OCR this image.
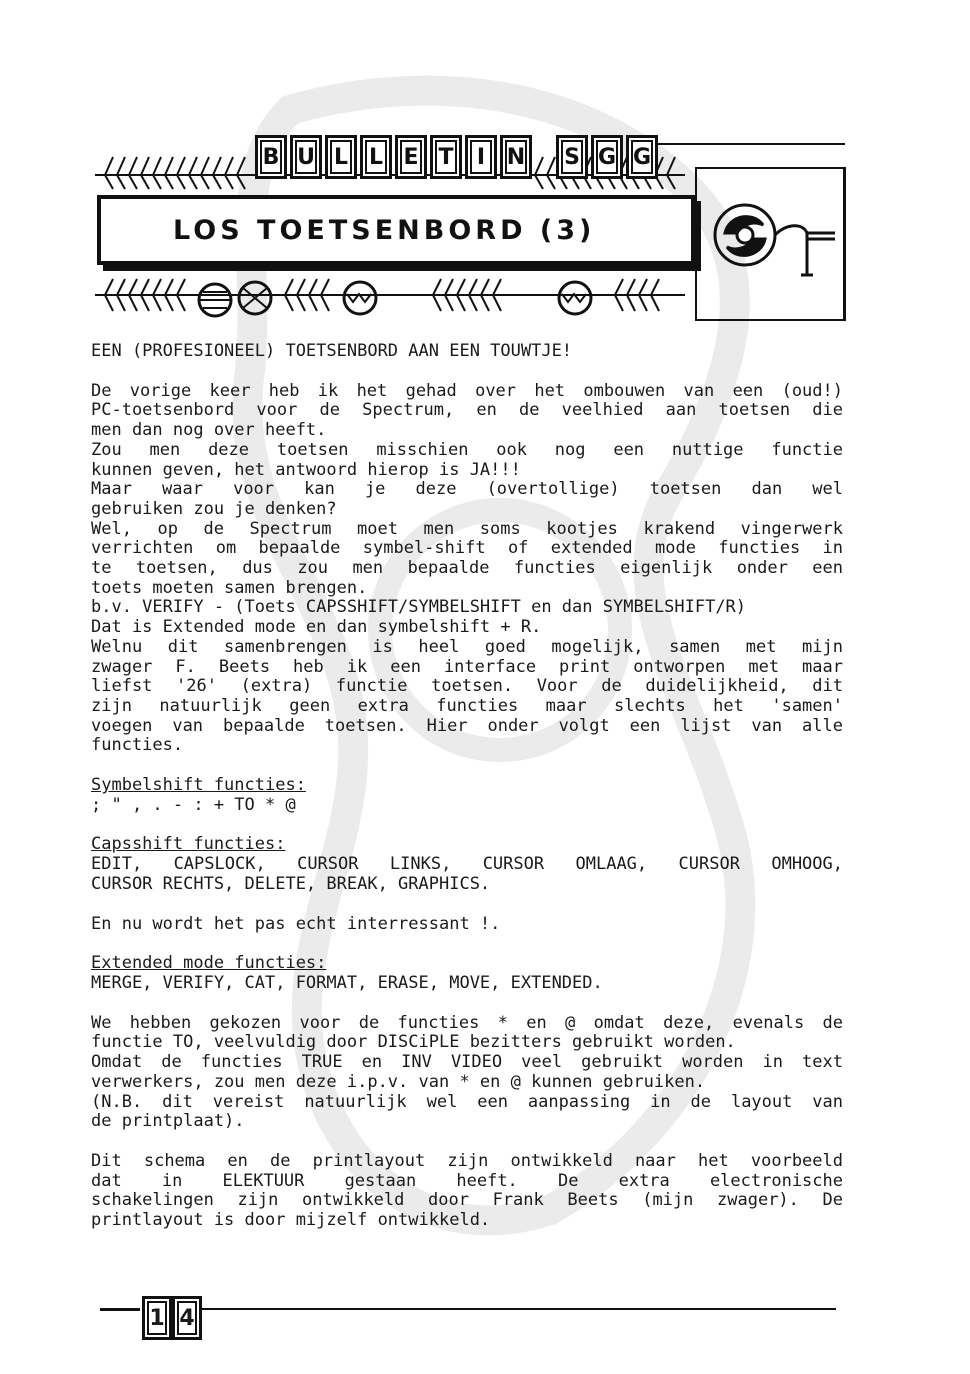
B U L L E T	I N	S G G
LOS TOETSENBORD (3)

EEN (PROFESIONEEL) TOETSENBORD AAN EEN TOUWTJE!

De vorige keer heb ik het gehad over het ombouwen van een (oud!)

PC-toetsenbord voor de Spectrum, en de veelhied aan toetsen die

men dan nog over heeft.

Zou men deze toetsen misschien ook nog een nuttige functie

kunnen geven, het antwoord hierop is JA!!!

Maar waar voor kan je deze (overtollige) toetsen dan wel

gebruiken zou je denken?

Wel, op de Spectrum moet men soms kootjes krakend vingerwerk

verrichten om bepaalde symbel-shift of extended mode functies in

te toetsen, dus zou men bepaalde functies eigenlijk onder een

toets moeten samen brengen.

b.v. VERIFY - (Toets CAPSSHIFT/SYMBELSHIFT en dan SYMBELSHIFT/R)

Dat is Extended mode en dan symbelshift + R.

Welnu dit samenbrengen is heel goed mogelijk, samen met mijn

zwager F. Beets heb ik een interface print ontworpen met maar

liefst '26' (extra) functie toetsen. Voor de duidelijkheid, dit

zijn natuurlijk geen extra functies maar slechts het 'samen'

voegen van bepaalde toetsen. Hier onder volgt een lijst van alle

functies.

Symbelshift functies:

; " , . - : + TO * @

Capsshift functies:

EDIT, CAPSLOCK, CURSOR LINKS, CURSOR OMLAAG, CURSOR OMHOOG,

CURSOR RECHTS, DELETE, BREAK, GRAPHICS.

En nu wordt het pas echt interressant !.

Extended mode functies:

MERGE, VERIFY, CAT, FORMAT, ERASE, MOVE, EXTENDED.

We hebben gekozen voor de functies * en @ omdat deze, evenals de

functie TO, veelvuldig door DISCiPLE bezitters gebruikt worden.

Omdat de functies TRUE en INV VIDEO veel gebruikt worden in text

verwerkers, zou men deze i.p.v. van * en @ kunnen gebruiken.

(N.B. dit vereist natuurlijk wel een aanpassing in de layout van

de printplaat).

Dit schema en de printlayout zijn ontwikkeld naar het voorbeeld

dat in ELEKTUUR gestaan heeft. De extra electronische

schakelingen zijn ontwikkeld door Frank Beets (mijn zwager). De

printlayout is door mijzelf ontwikkeld.

1 4
